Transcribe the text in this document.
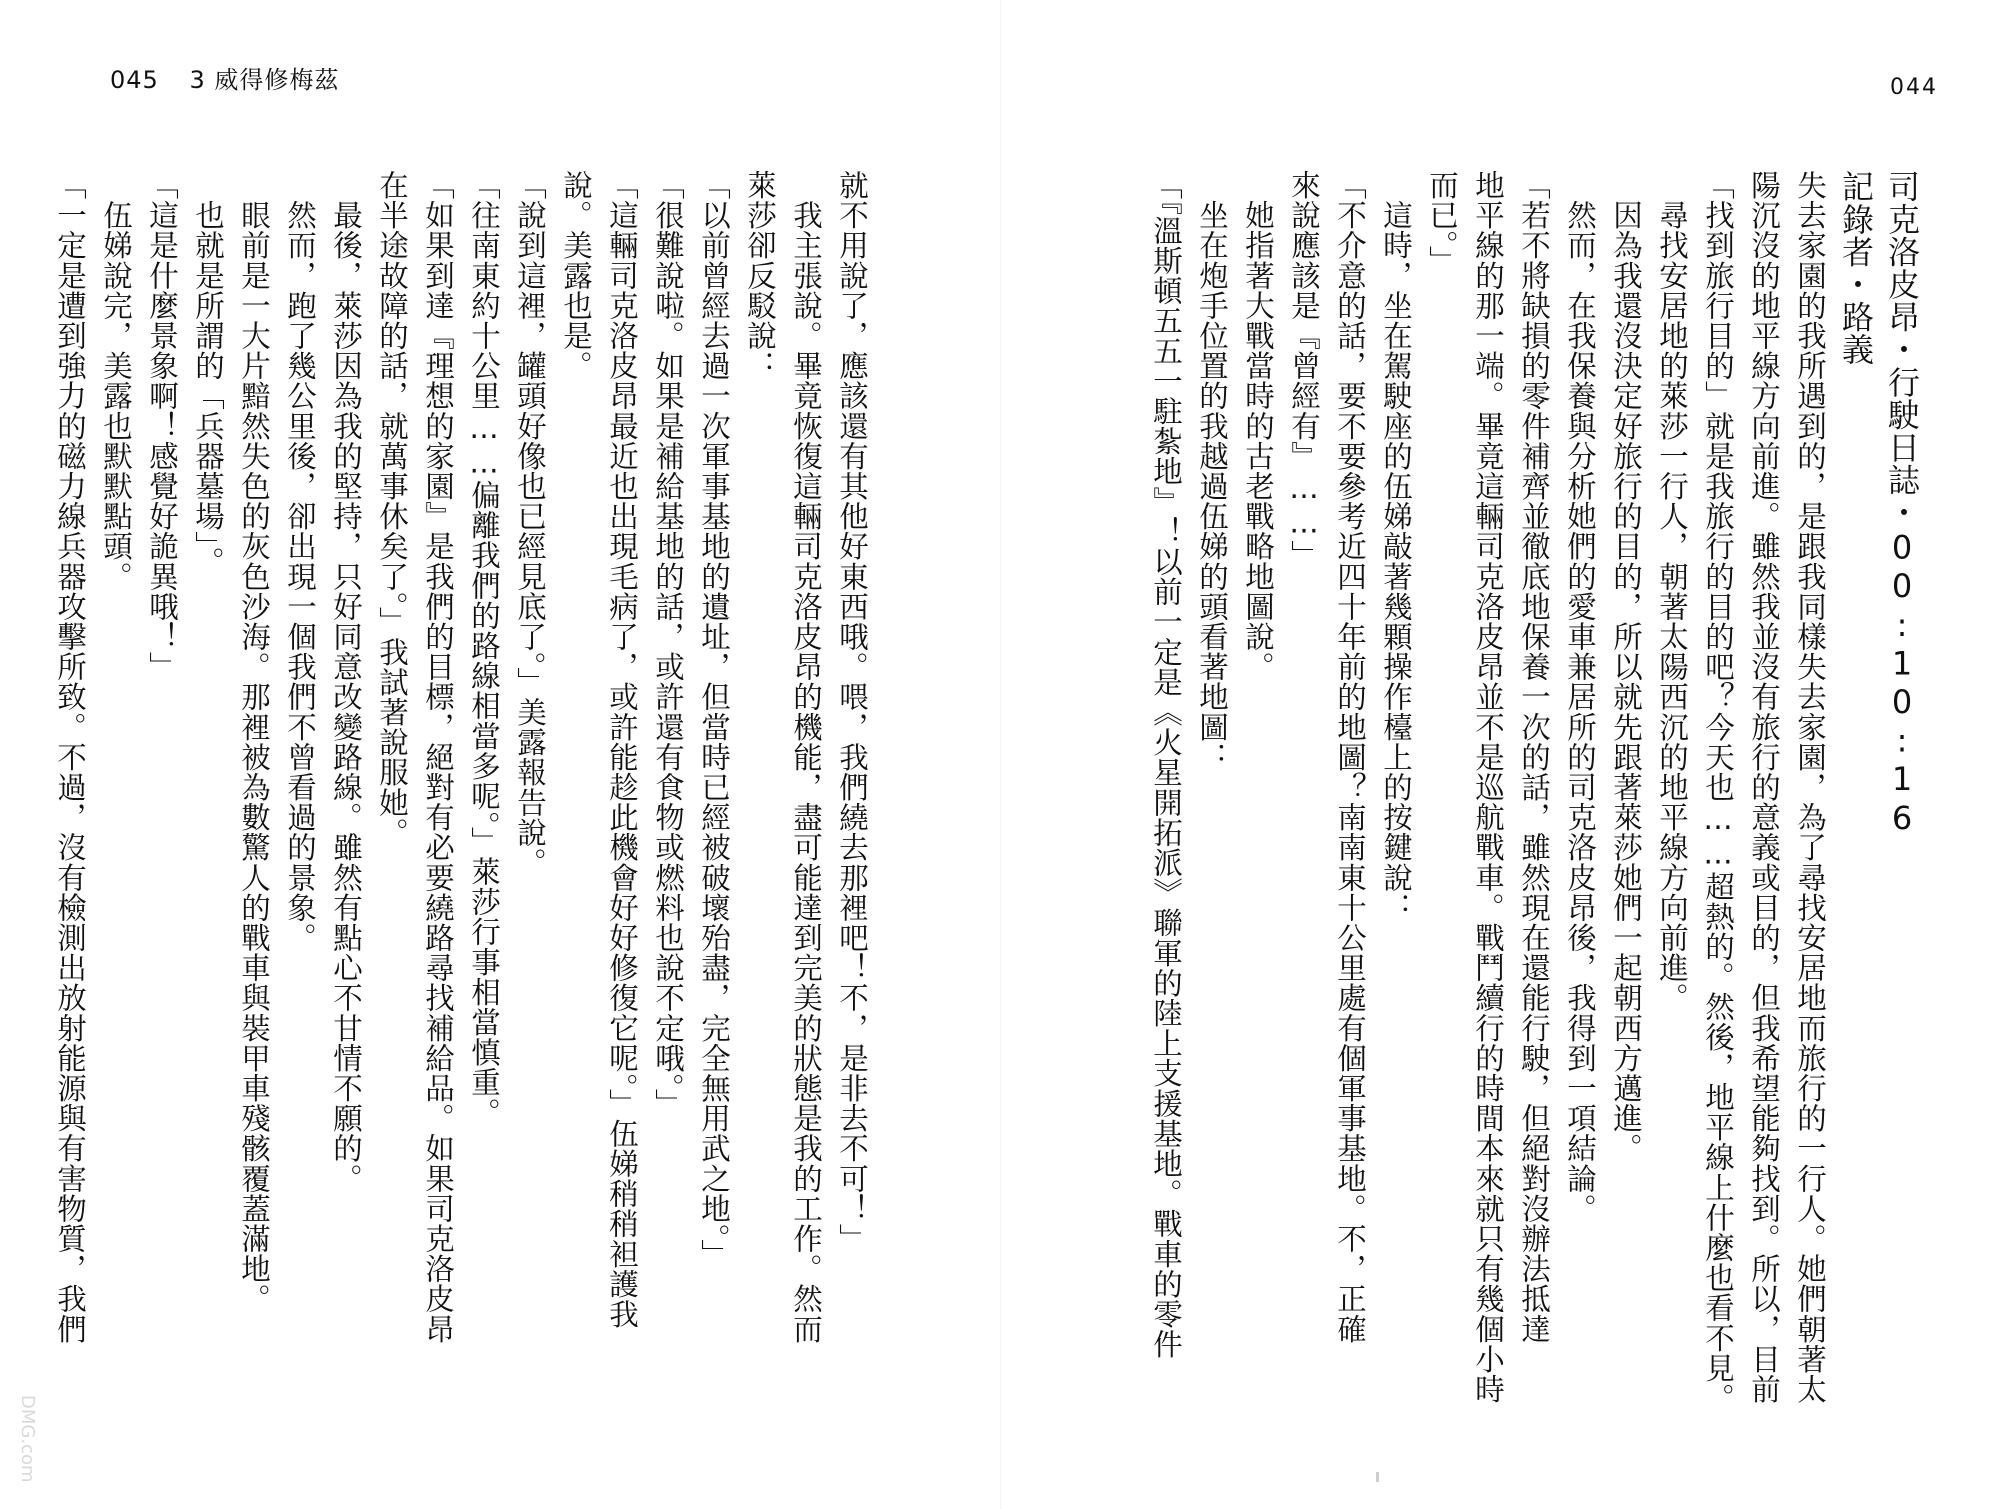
045 3 威得修梅茲	044
司克洛皮昂・行駛日誌・00:10:16
記錄者・路義
失去家園的我所遇到的，是跟我同樣失去家園，為了尋找安居地而旅行的一行人。她們朝著太
陽沉沒的地平線方向前進。雖然我並沒有旅行的意義或目的，但我希望能夠找到。所以，目前
「找到旅行目的」就是我旅行的目的吧？今天也……超熱的。然後，地平線上什麼也看不見。
　尋找安居地的萊莎一行人，朝著太陽西沉的地平線方向前進。
　因為我還沒決定好旅行的目的，所以就先跟著萊莎她們一起朝西方邁進。
　然而，在我保養與分析她們的愛車兼居所的司克洛皮昂後，我得到一項結論。
「若不將缺損的零件補齊並徹底地保養一次的話，雖然現在還能行駛，但絕對沒辦法抵達
地平線的那一端。畢竟這輛司克洛皮昂並不是巡航戰車。戰鬥續行的時間本來就只有幾個小時
而已。」
　這時，坐在駕駛座的伍娣敲著幾顆操作檯上的按鍵說：
「不介意的話，要不要參考近四十年前的地圖？南南東十公里處有個軍事基地。不，正確
來說應該是『曾經有』……」
　她指著大戰當時的古老戰略地圖說。
　坐在炮手位置的我越過伍娣的頭看著地圖：
「『溫斯頓五五一駐紮地』！以前一定是《火星開拓派》聯軍的陸上支援基地。戰車的零件
就不用說了，應該還有其他好東西哦。喂，我們繞去那裡吧！不，是非去不可！」
　我主張說。畢竟恢復這輛司克洛皮昂的機能，盡可能達到完美的狀態是我的工作。然而
萊莎卻反駁說：
「以前曾經去過一次軍事基地的遺址，但當時已經被破壞殆盡，完全無用武之地。」
「很難說啦。如果是補給基地的話，或許還有食物或燃料也說不定哦。」
「這輛司克洛皮昂最近也出現毛病了，或許能趁此機會好好修復它呢。」伍娣稍稍袒護我
說。美露也是。
「說到這裡，罐頭好像也已經見底了。」美露報告說。
「往南東約十公里……偏離我們的路線相當多呢。」萊莎行事相當慎重。
「如果到達『理想的家園』是我們的目標，絕對有必要繞路尋找補給品。如果司克洛皮昂
在半途故障的話，就萬事休矣了。」我試著說服她。
　最後，萊莎因為我的堅持，只好同意改變路線。雖然有點心不甘情不願的。
　然而，跑了幾公里後，卻出現一個我們不曾看過的景象。
　眼前是一大片黯然失色的灰色沙海。那裡被為數驚人的戰車與裝甲車殘骸覆蓋滿地。
　也就是所謂的「兵器墓場」。
「這是什麼景象啊！感覺好詭異哦！」
　伍娣說完，美露也默默點頭。
「一定是遭到強力的磁力線兵器攻擊所致。不過，沒有檢測出放射能源與有害物質，我們
DMG.com
